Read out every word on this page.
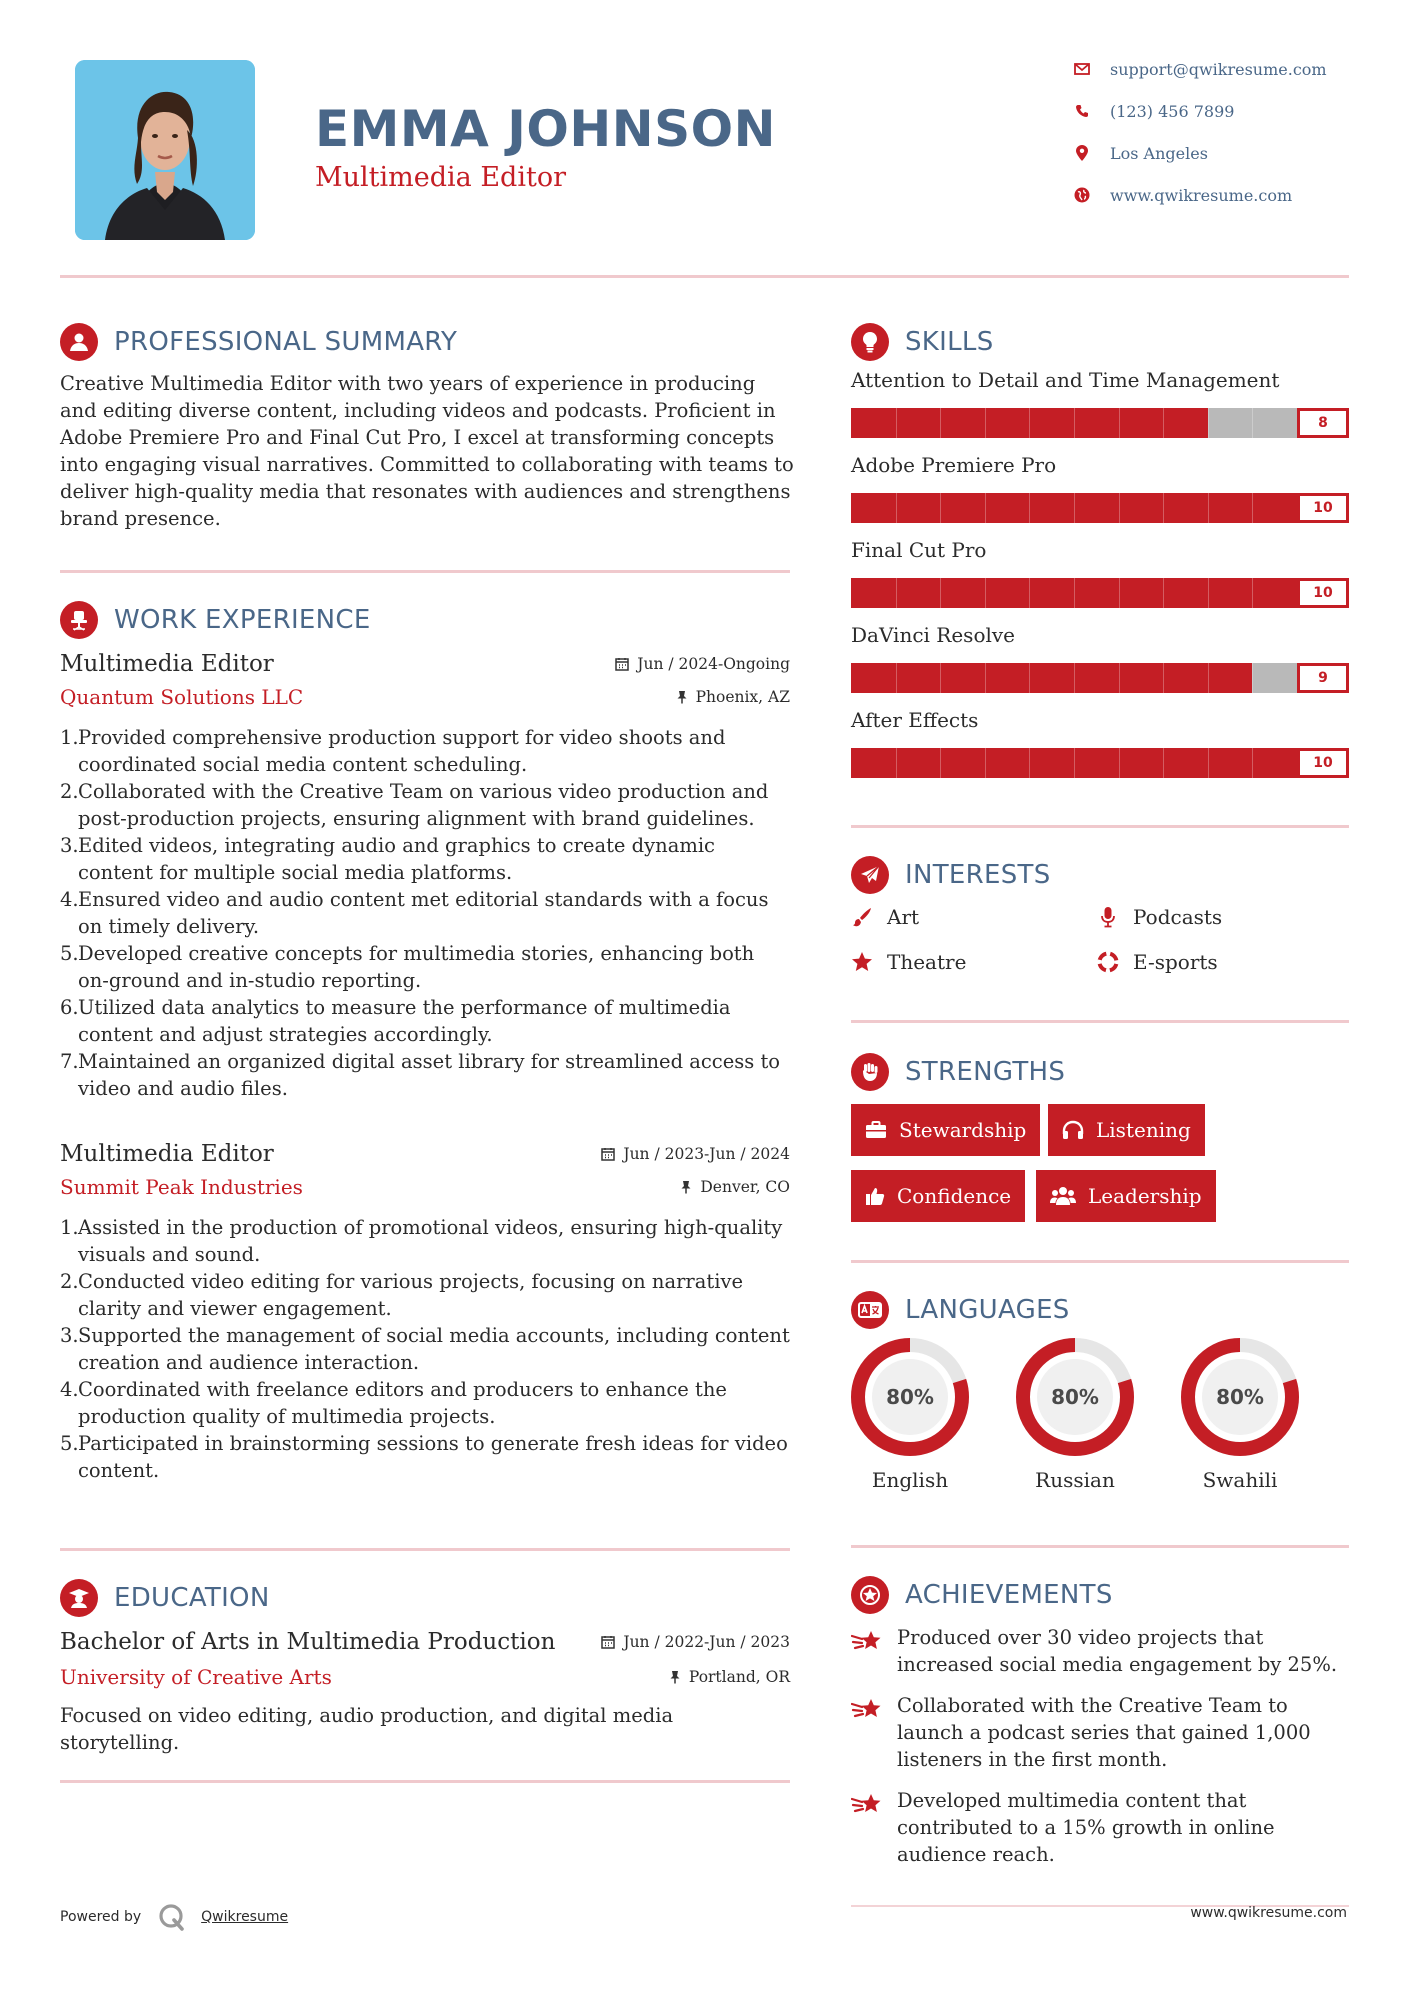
EMMA JOHNSON
Multimedia Editor
support@qwikresume.com
(123) 456 7899
Los Angeles
www.qwikresume.com
PROFESSIONAL SUMMARY
Creative Multimedia Editor with two years of experience in producing and editing diverse content, including videos and podcasts. Proficient in Adobe Premiere Pro and Final Cut Pro, I excel at transforming concepts into engaging visual narratives. Committed to collaborating with teams to deliver high-quality media that resonates with audiences and strengthens brand presence.
WORK EXPERIENCE
Multimedia Editor	Jun / 2024-Ongoing
Quantum Solutions LLC	Phoenix, AZ
1. Provided comprehensive production support for video shoots and coordinated social media content scheduling.
2. Collaborated with the Creative Team on various video production and post-production projects, ensuring alignment with brand guidelines.
3. Edited videos, integrating audio and graphics to create dynamic content for multiple social media platforms.
4. Ensured video and audio content met editorial standards with a focus on timely delivery.
5. Developed creative concepts for multimedia stories, enhancing both on-ground and in-studio reporting.
6. Utilized data analytics to measure the performance of multimedia content and adjust strategies accordingly.
7. Maintained an organized digital asset library for streamlined access to video and audio files.
Multimedia Editor	Jun / 2023-Jun / 2024
Summit Peak Industries	Denver, CO
1. Assisted in the production of promotional videos, ensuring high-quality visuals and sound.
2. Conducted video editing for various projects, focusing on narrative clarity and viewer engagement.
3. Supported the management of social media accounts, including content creation and audience interaction.
4. Coordinated with freelance editors and producers to enhance the production quality of multimedia projects.
5. Participated in brainstorming sessions to generate fresh ideas for video content.
EDUCATION
Bachelor of Arts in Multimedia Production	Jun / 2022-Jun / 2023
University of Creative Arts	Portland, OR
Focused on video editing, audio production, and digital media storytelling.
SKILLS
Attention to Detail and Time Management
8
Adobe Premiere Pro
10
Final Cut Pro
10
DaVinci Resolve
9
After Effects
10
INTERESTS
Art	Podcasts
Theatre	E-sports
STRENGTHS
Stewardship	Listening
Confidence	Leadership
LANGUAGES
80%
English
80%
Russian
80%
Swahili
ACHIEVEMENTS
Produced over 30 video projects that increased social media engagement by 25%.
Collaborated with the Creative Team to launch a podcast series that gained 1,000 listeners in the first month.
Developed multimedia content that contributed to a 15% growth in online audience reach.
Powered by	Qwikresume	www.qwikresume.com
